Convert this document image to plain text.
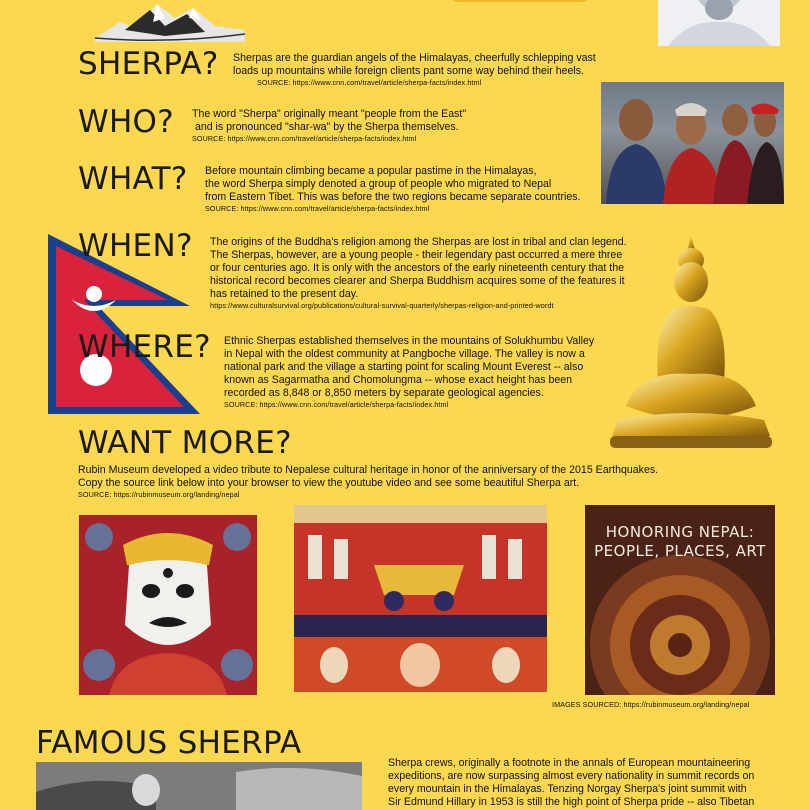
SHERPA? Sherpas are the guardian angels of the Himalayas, cheerfully schlepping vast
loads up mountains while foreign clients pant some way behind their heels.
SOURCE: https://www.cnn.com/travel/article/sherpa-facts/index.html
WHO? The word "Sherpa" originally meant "people from the East"
and is pronounced "shar-wa" by the Sherpa themselves.
SOURCE: https://www.cnn.com/travel/article/sherpa-facts/index.html
WHAT? Before mountain climbing became a popular pastime in the Himalayas,
the word Sherpa simply denoted a group of people who migrated to Nepal
from Eastern Tibet. This was before the two regions became separate countries.
SOURCE: https://www.cnn.com/travel/article/sherpa-facts/index.html
WHEN? The origins of the Buddha's religion among the Sherpas are lost in tribal and clan legend.
The Sherpas, however, are a young people - their legendary past occurred a mere three
or four centuries ago. It is only with the ancestors of the early nineteenth century that the
historical record becomes clearer and Sherpa Buddhism acquires some of the features it
has retained to the present day.
https://www.culturalsurvival.org/publications/cultural-survival-quarterly/sherpas-religion-and-printed-wordt
WHERE? Ethnic Sherpas established themselves in the mountains of Solukhumbu Valley
in Nepal with the oldest community at Pangboche village. The valley is now a
national park and the village a starting point for scaling Mount Everest -- also
known as Sagarmatha and Chomolungma -- whose exact height has been
recorded as 8,848 or 8,850 meters by separate geological agencies.
SOURCE: https://www.cnn.com/travel/article/sherpa-facts/index.html
WANT MORE?
Rubin Museum developed a video tribute to Nepalese cultural heritage in honor of the anniversary of the 2015 Earthquakes.
Copy the source link below into your browser to view the youtube video and see some beautiful Sherpa art.
SOURCE: https://rubinmuseum.org/landing/nepal
HONORING NEPAL:
PEOPLE, PLACES, ART
IMAGES SOURCED: https://rubinmuseum.org/landing/nepal
FAMOUS SHERPA
Sherpa crews, originally a footnote in the annals of European mountaineering
expeditions, are now surpassing almost every nationality in summit records on
every mountain in the Himalayas. Tenzing Norgay Sherpa's joint summit with
Sir Edmund Hillary in 1953 is still the high point of Sherpa pride -- also Tibetan
